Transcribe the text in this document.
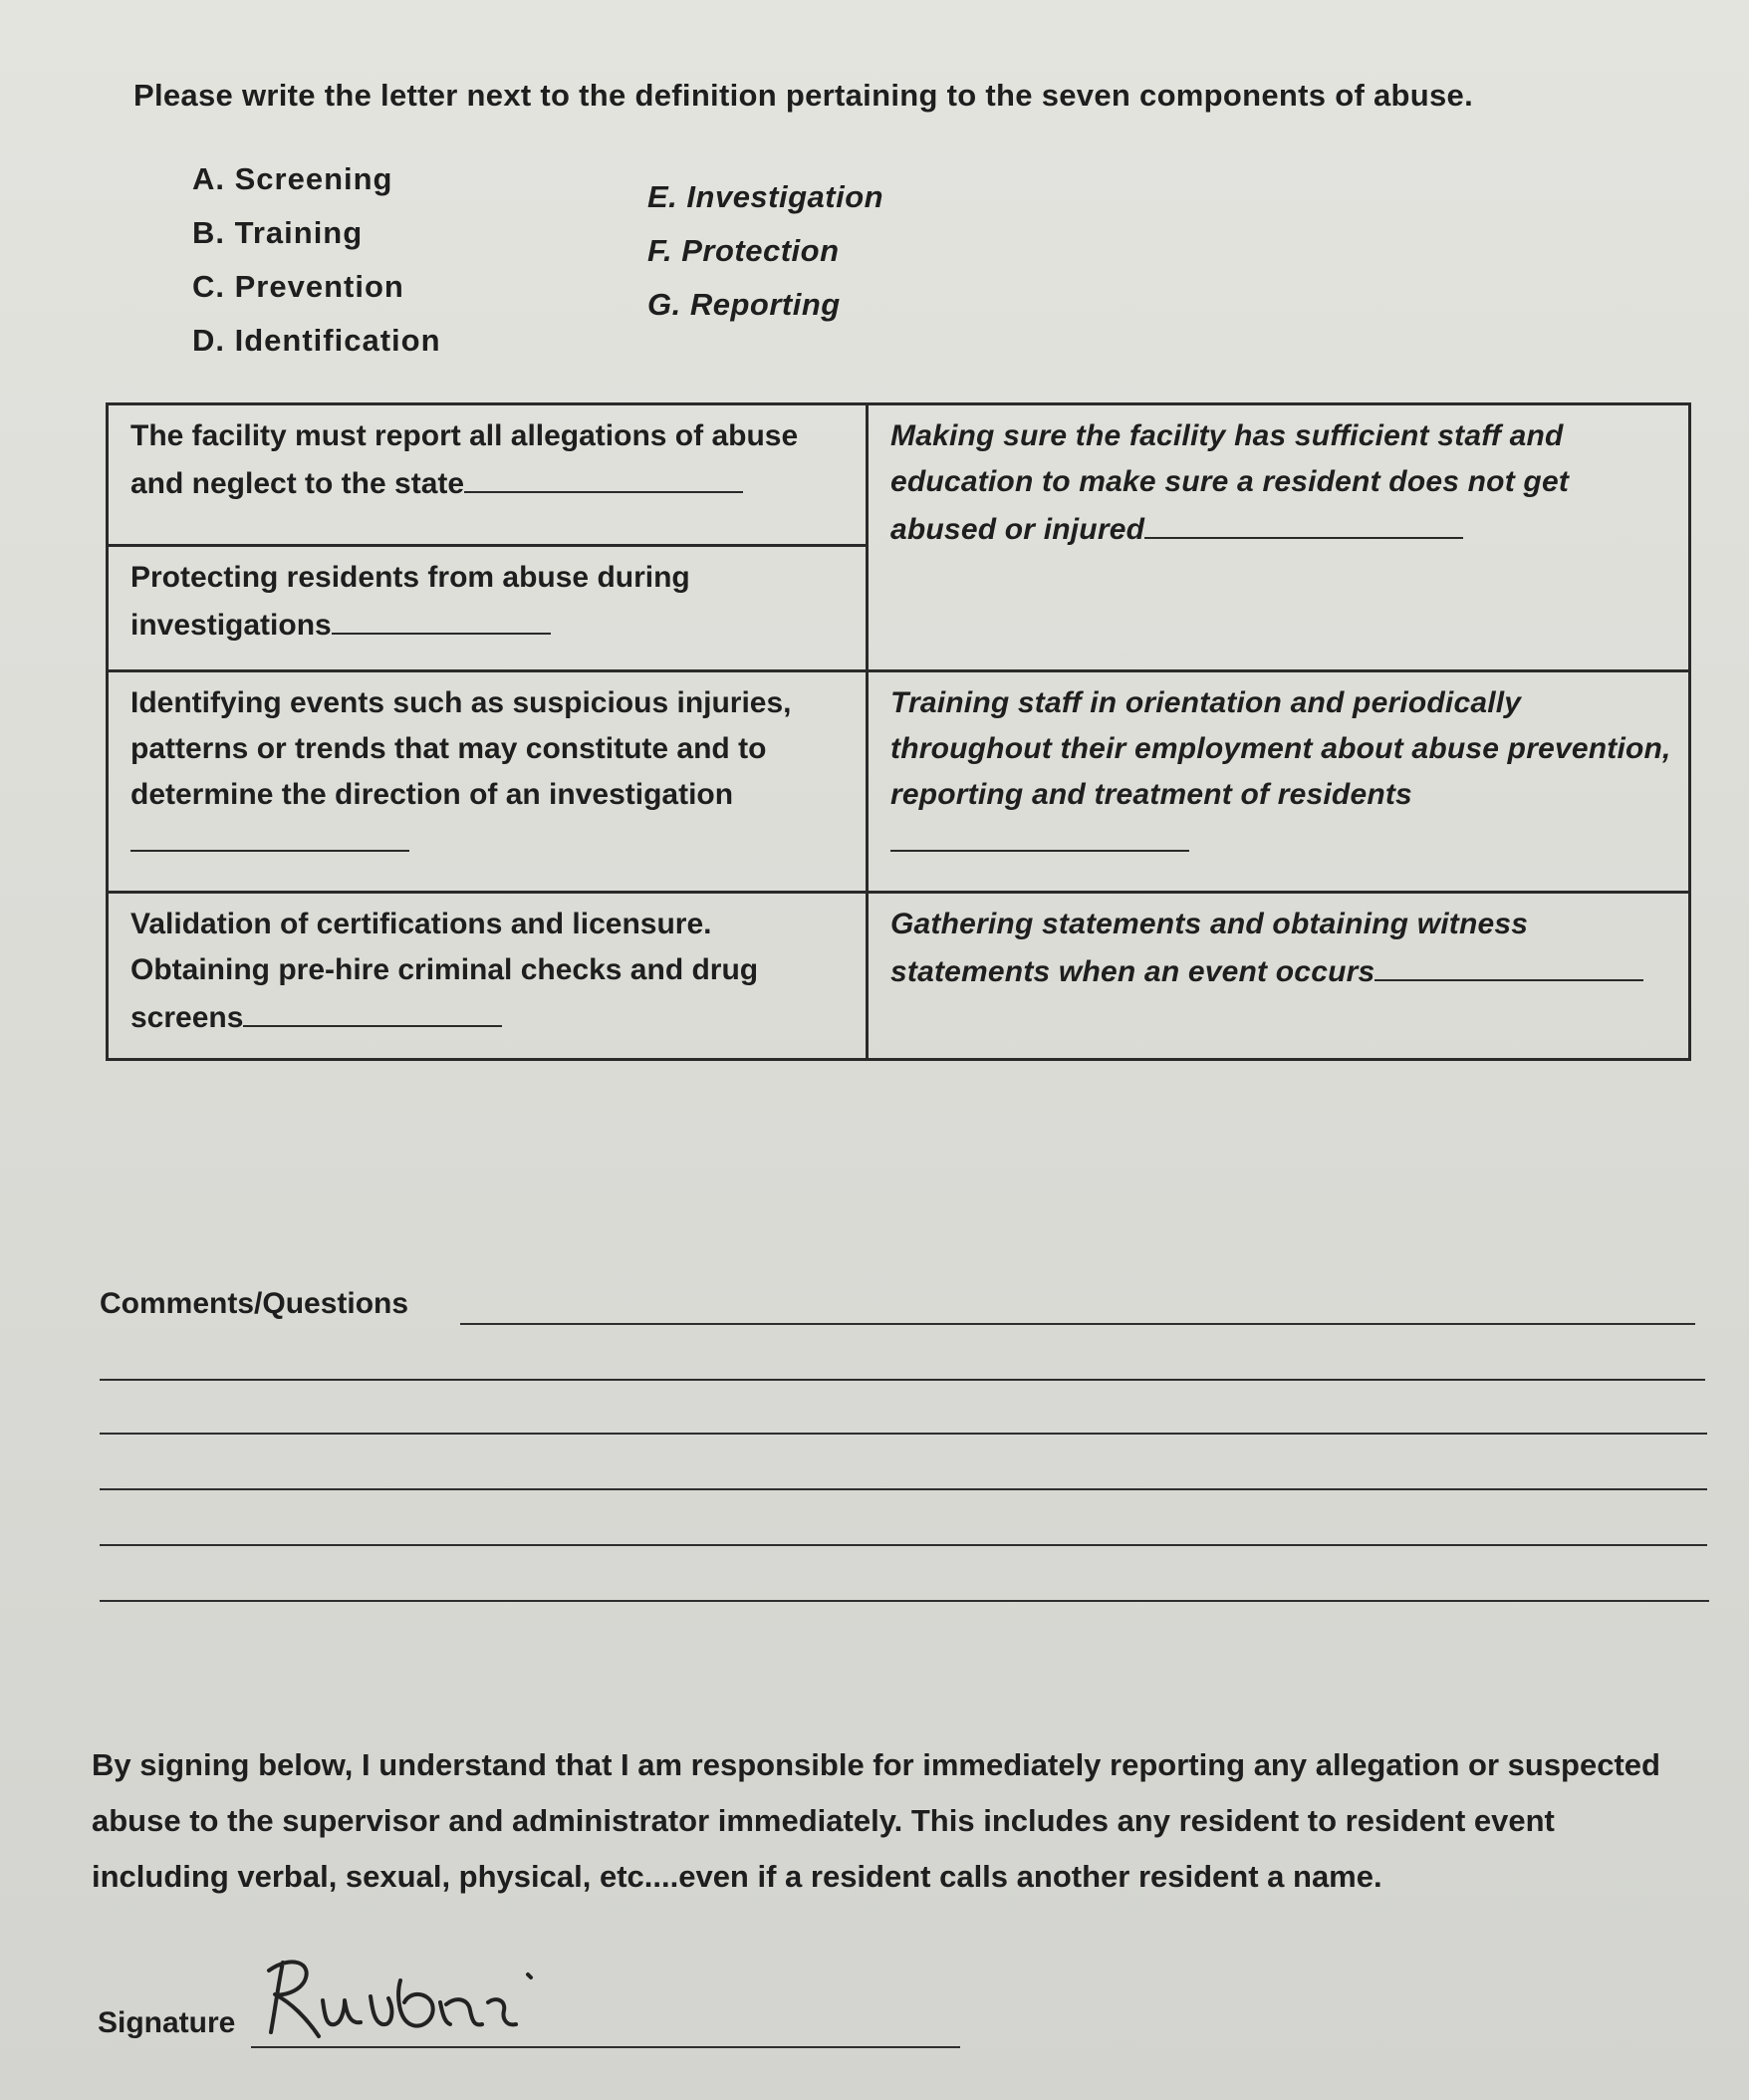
Please write the letter next to the definition pertaining to the seven components of abuse.
A. Screening
B. Training
C. Prevention
D. Identification
E. Investigation
F. Protection
G. Reporting
The facility must report all allegations of abuse and neglect to the state	Making sure the facility has sufficient staff and education to make sure a resident does not get abused or injured
Protecting residents from abuse during investigations	
Identifying events such as suspicious injuries, patterns or trends that may constitute and to determine the direction of an investigation	Training staff in orientation and periodically throughout their employment about abuse prevention, reporting and treatment of residents
Validation of certifications and licensure. Obtaining pre-hire criminal checks and drug screens	Gathering statements and obtaining witness statements when an event occurs
Comments/Questions
By signing below, I understand that I am responsible for immediately reporting any allegation or suspected abuse to the supervisor and administrator immediately. This includes any resident to resident event including verbal, sexual, physical, etc....even if a resident calls another resident a name.
Signature
